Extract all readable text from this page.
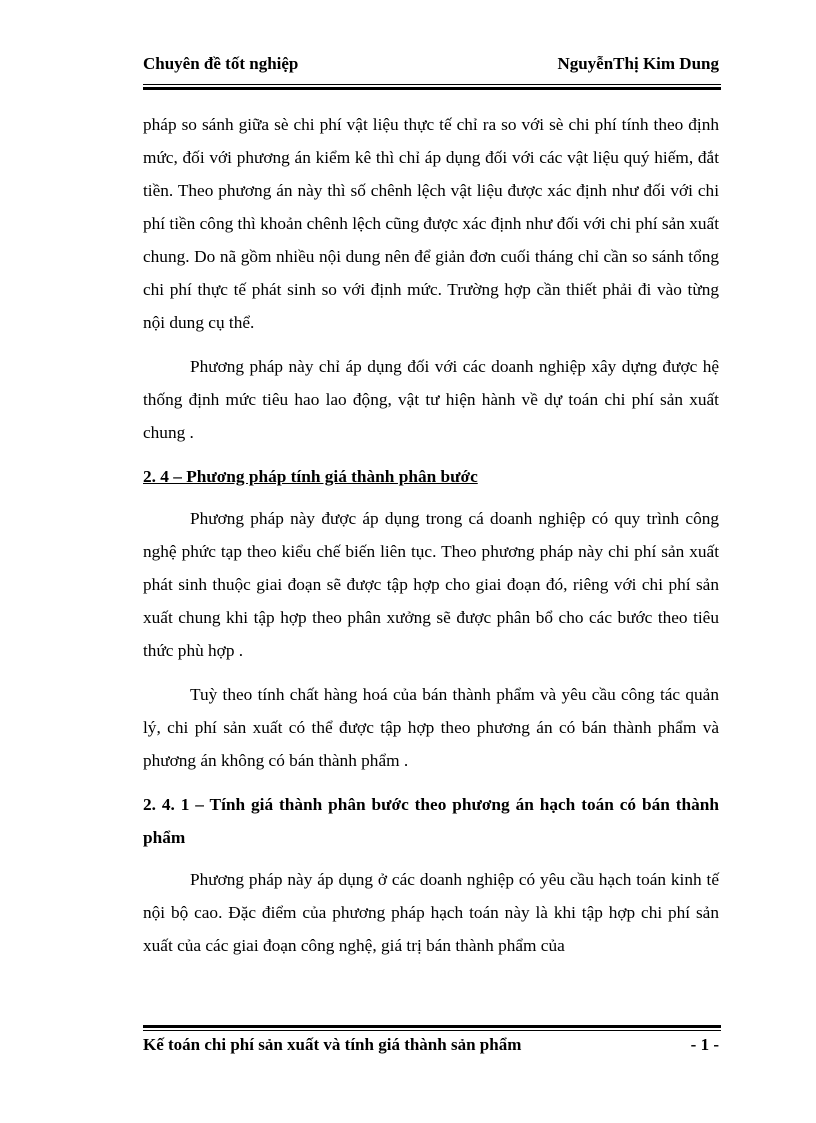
Chuyên đề tốt nghiệp	NguyễnThị Kim Dung

pháp so sánh giữa sè chi phí vật liệu thực tế chỉ ra so với sè chi phí tính theo định mức, đối với phương án kiểm kê thì chỉ áp dụng đối với các vật liệu quý hiếm, đắt tiền. Theo phương án này thì số chênh lệch vật liệu được xác định như đối với chi phí tiền công thì khoản chênh lệch cũng được xác định như đối với chi phí sản xuất chung. Do nã gồm nhiều nội dung nên để giản đơn cuối tháng chỉ cần so sánh tổng chi phí thực tế phát sinh so với định mức. Trường hợp cần thiết phải đi vào từng nội dung cụ thể.

Phương pháp này chỉ áp dụng đối với các doanh nghiệp xây dựng được hệ thống định mức tiêu hao lao động, vật tư hiện hành về dự toán chi phí sản xuất chung .

2. 4 – Phương pháp tính giá thành phân bước

Phương pháp này được áp dụng trong cá doanh nghiệp có quy trình công nghệ phức tạp theo kiểu chế biến liên tục. Theo phương pháp này chi phí sản xuất phát sinh thuộc giai đoạn sẽ được tập hợp cho giai đoạn đó, riêng với chi phí sản xuất chung khi tập hợp theo phân xưởng sẽ được phân bổ cho các bước theo tiêu thức phù hợp .

Tuỳ theo tính chất hàng hoá của bán thành phẩm và yêu cầu công tác quản lý, chi phí sản xuất có thể được tập hợp theo phương án có bán thành phẩm và phương án không có bán thành phẩm .

2. 4. 1 – Tính giá thành phân bước theo phương án hạch toán có bán thành phẩm

Phương pháp này áp dụng ở các doanh nghiệp có yêu cầu hạch toán kinh tế nội bộ cao. Đặc điểm của phương pháp hạch toán này là khi tập hợp chi phí sản xuất của các giai đoạn công nghệ, giá trị bán thành phẩm của

Kế toán chi phí sản xuất và tính giá thành sản phẩm	- 1 -
